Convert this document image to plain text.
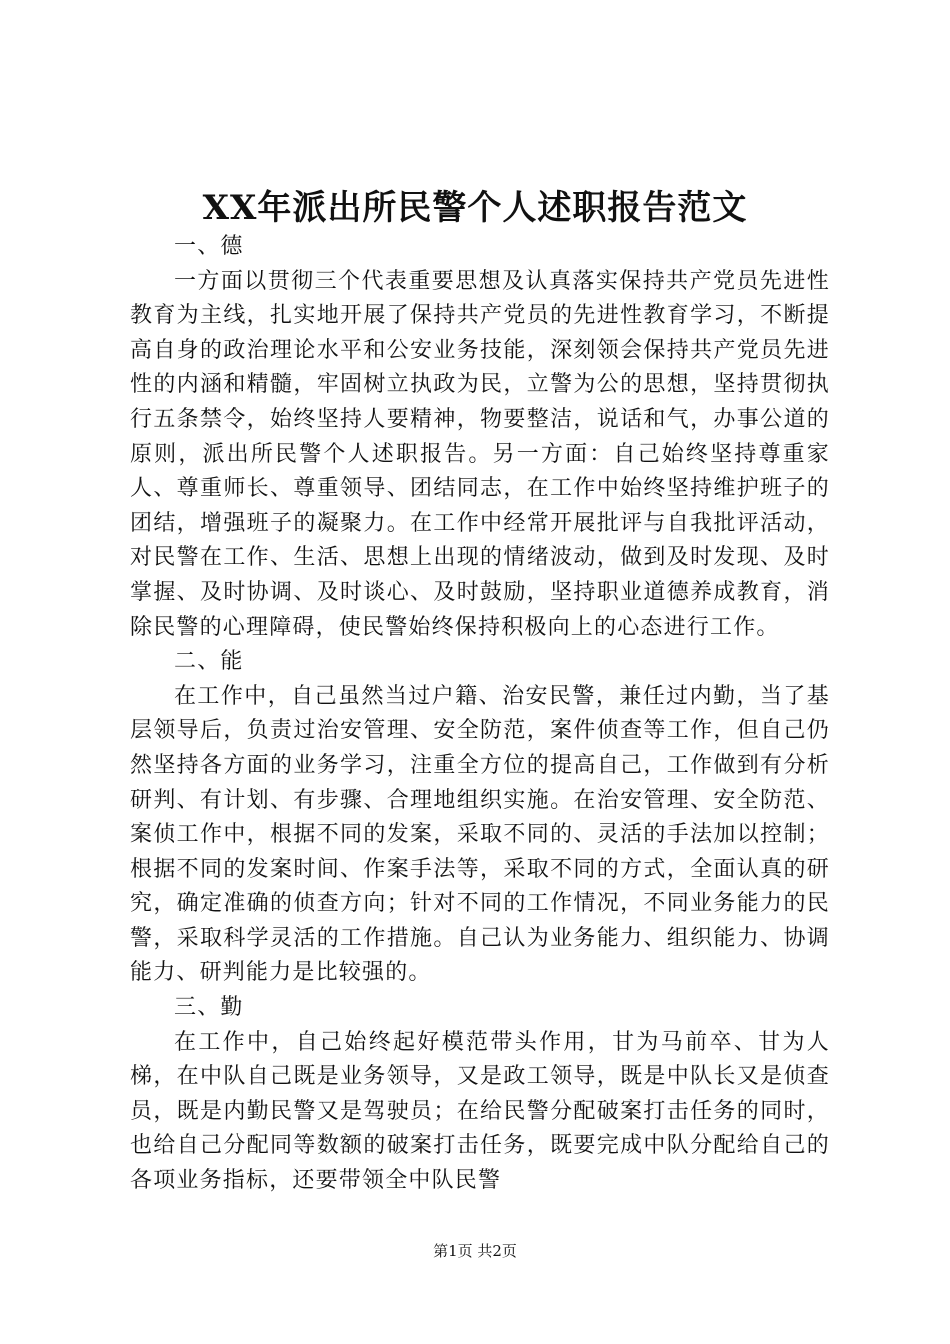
XX年派出所民警个人述职报告范文

一、德

一方面以贯彻三个代表重要思想及认真落实保持共产党员先进性教育为主线，扎实地开展了保持共产党员的先进性教育学习，不断提高自身的政治理论水平和公安业务技能，深刻领会保持共产党员先进性的内涵和精髓，牢固树立执政为民，立警为公的思想，坚持贯彻执行五条禁令，始终坚持人要精神，物要整洁，说话和气，办事公道的原则，派出所民警个人述职报告。另一方面：自己始终坚持尊重家人、尊重师长、尊重领导、团结同志，在工作中始终坚持维护班子的团结，增强班子的凝聚力。在工作中经常开展批评与自我批评活动，对民警在工作、生活、思想上出现的情绪波动，做到及时发现、及时掌握、及时协调、及时谈心、及时鼓励，坚持职业道德养成教育，消除民警的心理障碍，使民警始终保持积极向上的心态进行工作。

二、能

在工作中，自己虽然当过户籍、治安民警，兼任过内勤，当了基层领导后，负责过治安管理、安全防范，案件侦查等工作，但自己仍然坚持各方面的业务学习，注重全方位的提高自己，工作做到有分析研判、有计划、有步骤、合理地组织实施。在治安管理、安全防范、案侦工作中，根据不同的发案，采取不同的、灵活的手法加以控制；根据不同的发案时间、作案手法等，采取不同的方式，全面认真的研究，确定准确的侦查方向；针对不同的工作情况，不同业务能力的民警，采取科学灵活的工作措施。自己认为业务能力、组织能力、协调能力、研判能力是比较强的。

三、勤

在工作中，自己始终起好模范带头作用，甘为马前卒、甘为人梯，在中队自己既是业务领导，又是政工领导，既是中队长又是侦查员，既是内勤民警又是驾驶员；在给民警分配破案打击任务的同时，也给自己分配同等数额的破案打击任务，既要完成中队分配给自己的各项业务指标，还要带领全中队民警

第1页 共2页
